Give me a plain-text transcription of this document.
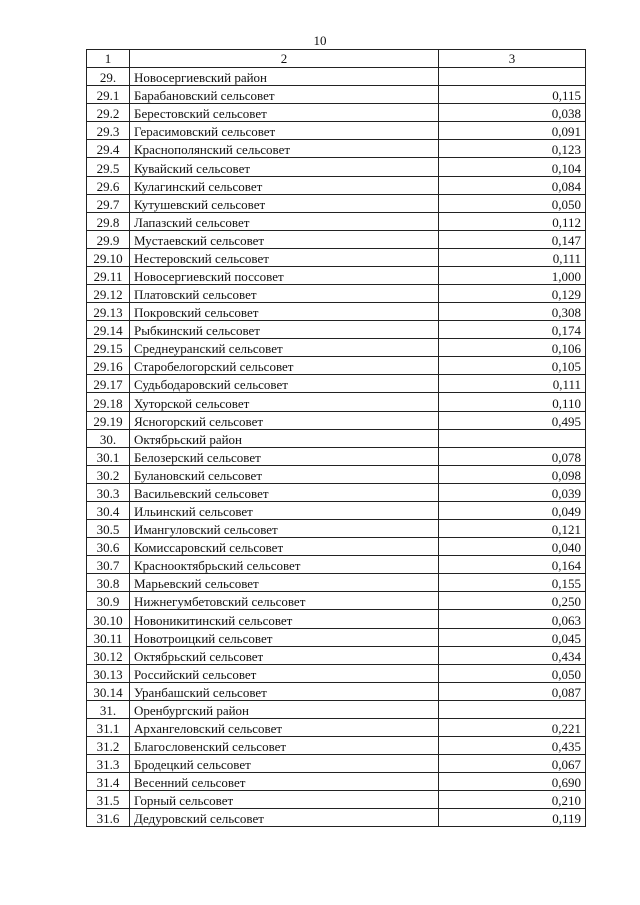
10
1	2	3
29.	Новосергиевский район	
29.1	Барабановский сельсовет	0,115
29.2	Берестовский сельсовет	0,038
29.3	Герасимовский сельсовет	0,091
29.4	Краснополянский сельсовет	0,123
29.5	Кувайский сельсовет	0,104
29.6	Кулагинский сельсовет	0,084
29.7	Кутушевский сельсовет	0,050
29.8	Лапазский сельсовет	0,112
29.9	Мустаевский сельсовет	0,147
29.10	Нестеровский сельсовет	0,111
29.11	Новосергиевский поссовет	1,000
29.12	Платовский сельсовет	0,129
29.13	Покровский сельсовет	0,308
29.14	Рыбкинский сельсовет	0,174
29.15	Среднеуранский сельсовет	0,106
29.16	Старобелогорский сельсовет	0,105
29.17	Судьбодаровский сельсовет	0,111
29.18	Хуторской сельсовет	0,110
29.19	Ясногорский сельсовет	0,495
30.	Октябрьский район	
30.1	Белозерский сельсовет	0,078
30.2	Булановский сельсовет	0,098
30.3	Васильевский сельсовет	0,039
30.4	Ильинский сельсовет	0,049
30.5	Имангуловский сельсовет	0,121
30.6	Комиссаровский сельсовет	0,040
30.7	Краснооктябрьский сельсовет	0,164
30.8	Марьевский сельсовет	0,155
30.9	Нижнегумбетовский сельсовет	0,250
30.10	Новоникитинский сельсовет	0,063
30.11	Новотроицкий сельсовет	0,045
30.12	Октябрьский сельсовет	0,434
30.13	Российский сельсовет	0,050
30.14	Уранбашский сельсовет	0,087
31.	Оренбургский район	
31.1	Архангеловский сельсовет	0,221
31.2	Благословенский сельсовет	0,435
31.3	Бродецкий сельсовет	0,067
31.4	Весенний сельсовет	0,690
31.5	Горный сельсовет	0,210
31.6	Дедуровский сельсовет	0,119
